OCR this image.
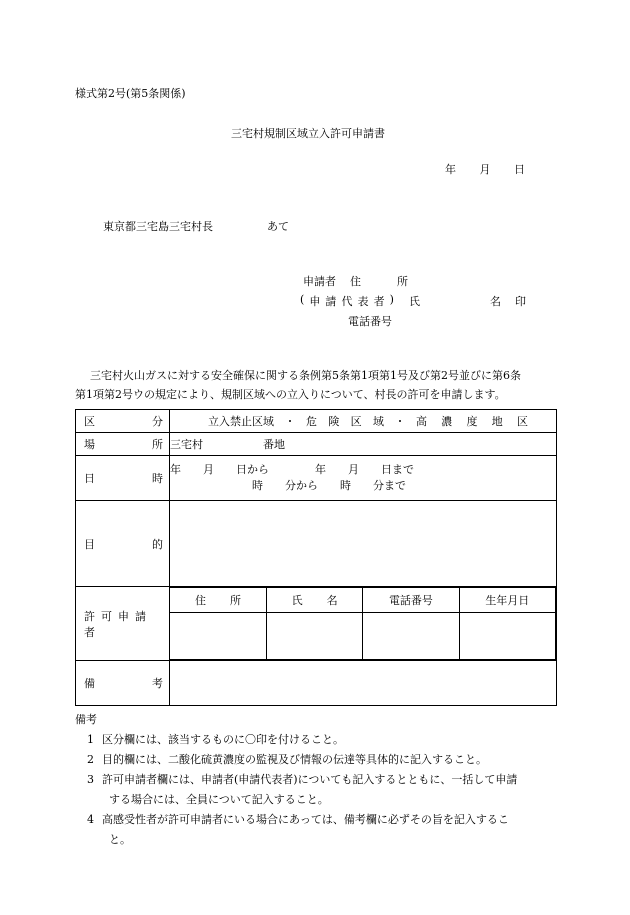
様式第2号(第5条関係)
三宅村規制区域立入許可申請書
年 月 日
東京都三宅島三宅村長	あて
申請者 住	所
( 申 請 代 表 者 ) 氏	名 印
電話番号
三宅村火山ガスに対する安全確保に関する条例第5条第1項第1号及び第2号並びに第6条
第1項第2号ウの規定により、規制区域への立入りについて、村長の許可を申請します。
区	分	立入禁止区域 ・ 危 険 区 域 ・ 高 濃 度 地 区

場	所	三宅村	番地

日	時

年 月 日から	年 月 日まで
時 分から 時 分まで

目	的

許可申請者	
住 所	氏 名	電話番号	生年月日

備	考

備考
1 区分欄には、該当するものに〇印を付けること。
2 目的欄には、二酸化硫黄濃度の監視及び情報の伝達等具体的に記入すること。
3 許可申請者欄には、申請者(申請代表者)についても記入するとともに、一括して申請
する場合には、全員について記入すること。
4 高感受性者が許可申請者にいる場合にあっては、備考欄に必ずその旨を記入するこ
と。
